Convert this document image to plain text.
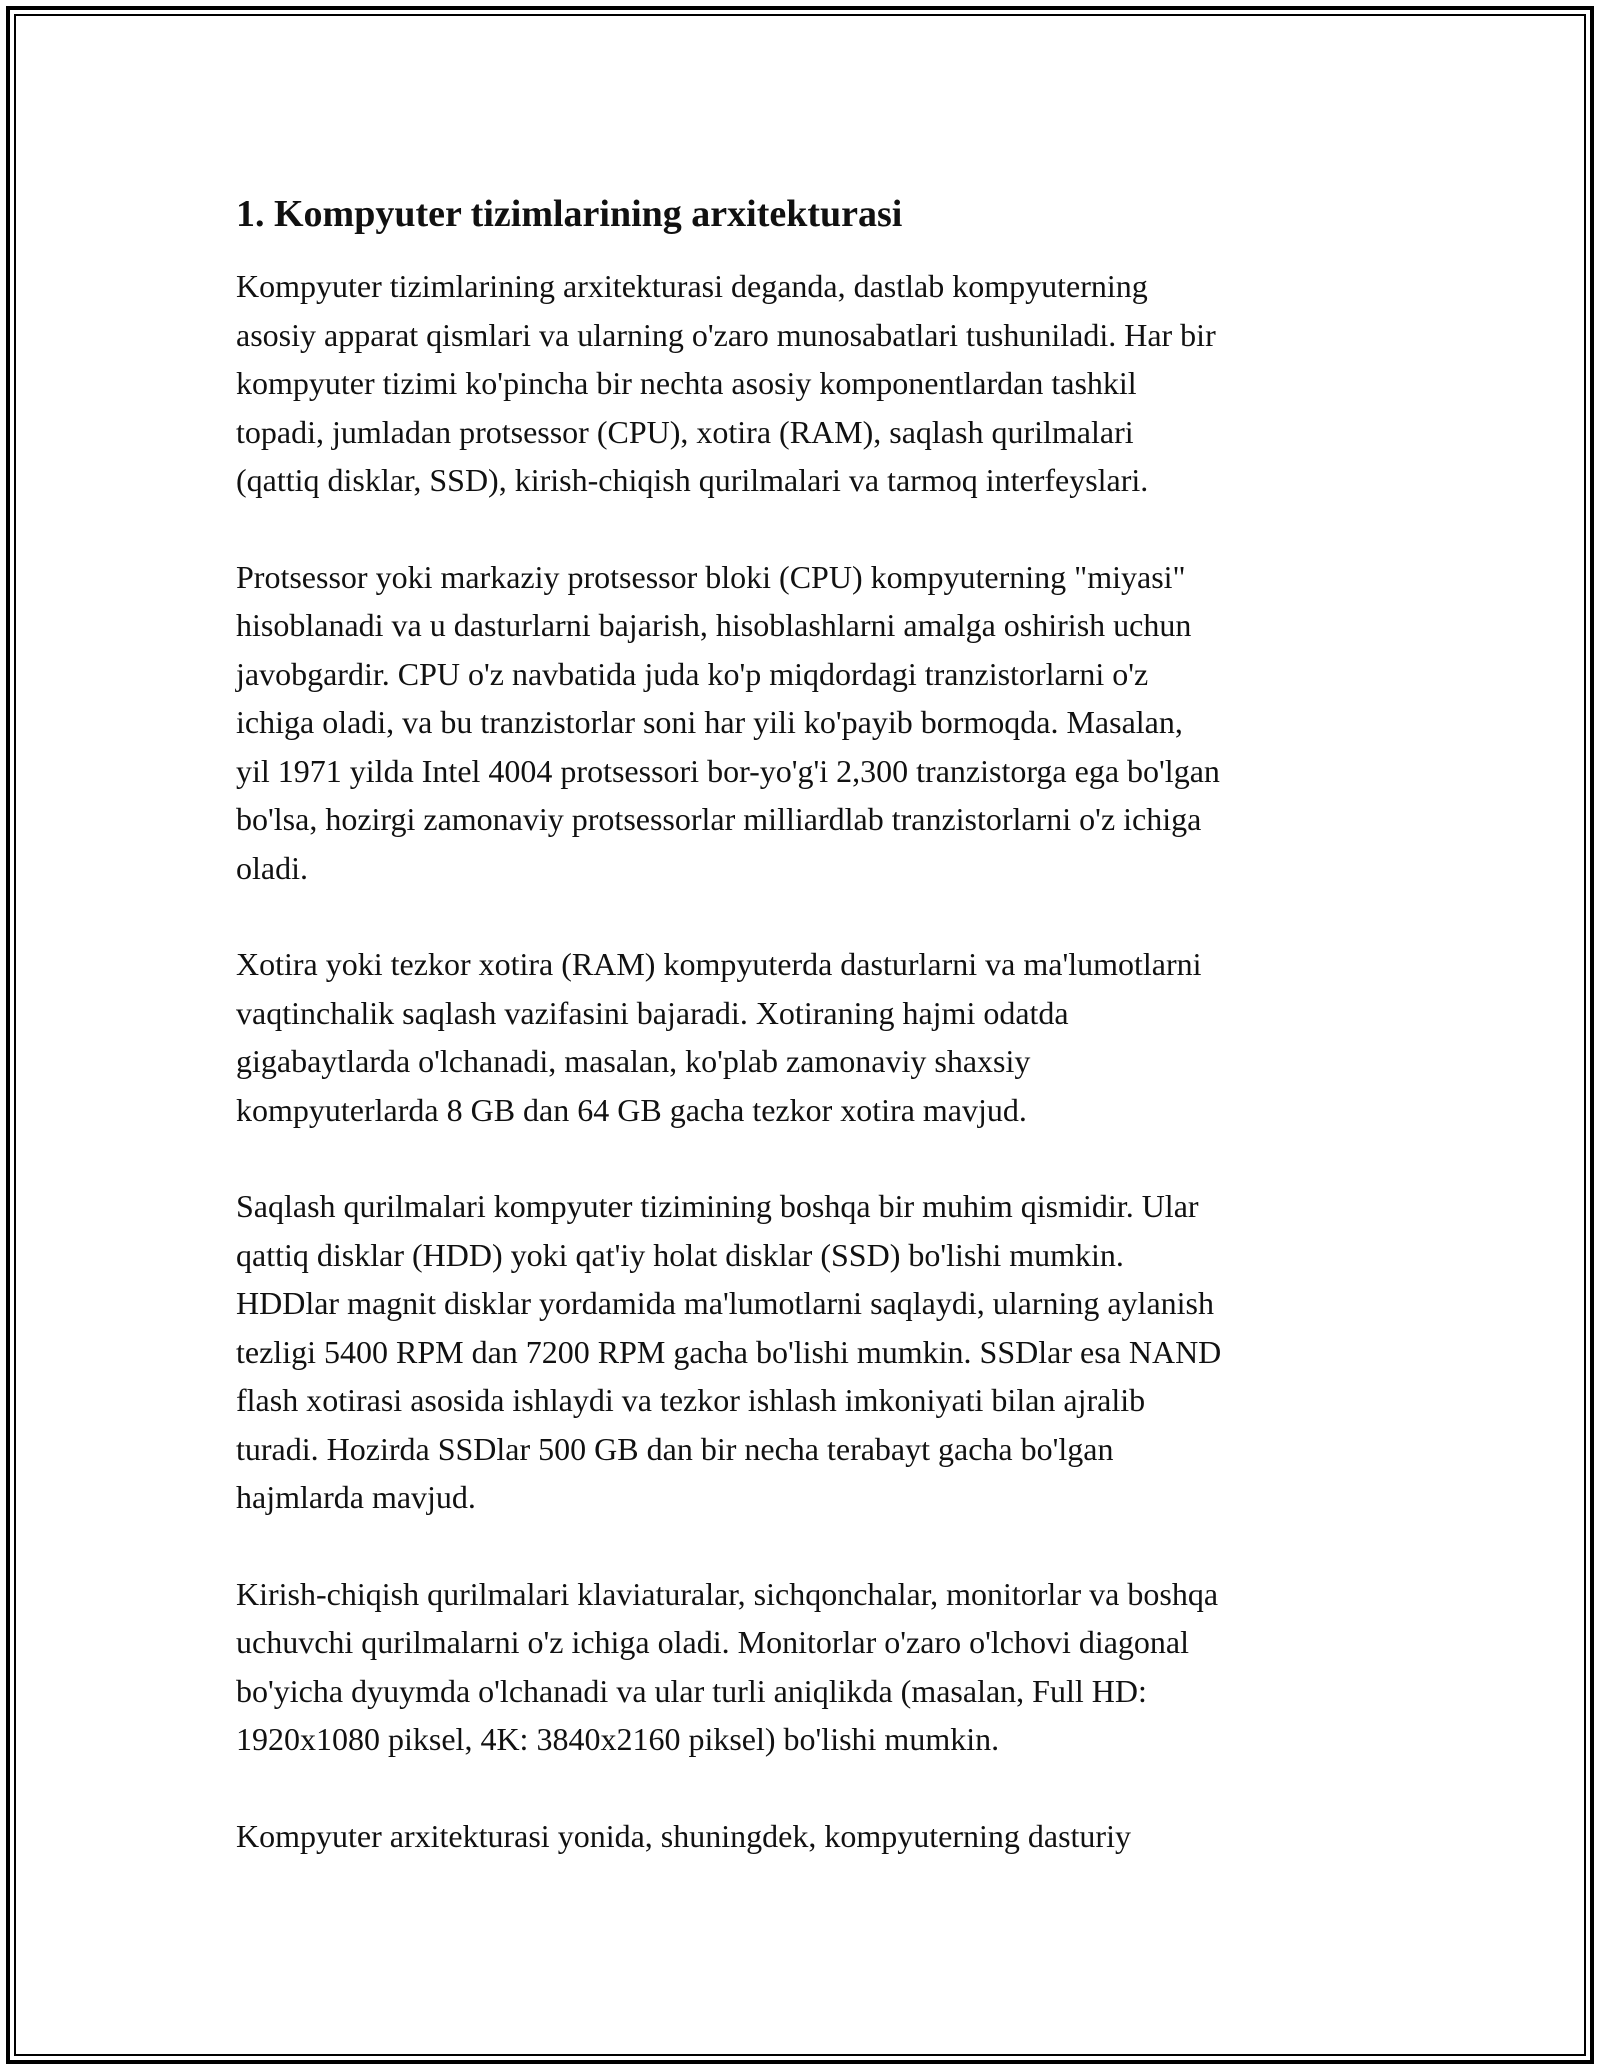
1. Kompyuter tizimlarining arxitekturasi

Kompyuter tizimlarining arxitekturasi deganda, dastlab kompyuterning
asosiy apparat qismlari va ularning o'zaro munosabatlari tushuniladi. Har bir
kompyuter tizimi ko'pincha bir nechta asosiy komponentlardan tashkil
topadi, jumladan protsessor (CPU), xotira (RAM), saqlash qurilmalari
(qattiq disklar, SSD), kirish-chiqish qurilmalari va tarmoq interfeyslari.

Protsessor yoki markaziy protsessor bloki (CPU) kompyuterning "miyasi"
hisoblanadi va u dasturlarni bajarish, hisoblashlarni amalga oshirish uchun
javobgardir. CPU o'z navbatida juda ko'p miqdordagi tranzistorlarni o'z
ichiga oladi, va bu tranzistorlar soni har yili ko'payib bormoqda. Masalan,
yil 1971 yilda Intel 4004 protsessori bor-yo'g'i 2,300 tranzistorga ega bo'lgan
bo'lsa, hozirgi zamonaviy protsessorlar milliardlab tranzistorlarni o'z ichiga
oladi.

Xotira yoki tezkor xotira (RAM) kompyuterda dasturlarni va ma'lumotlarni
vaqtinchalik saqlash vazifasini bajaradi. Xotiraning hajmi odatda
gigabaytlarda o'lchanadi, masalan, ko'plab zamonaviy shaxsiy
kompyuterlarda 8 GB dan 64 GB gacha tezkor xotira mavjud.

Saqlash qurilmalari kompyuter tizimining boshqa bir muhim qismidir. Ular
qattiq disklar (HDD) yoki qat'iy holat disklar (SSD) bo'lishi mumkin.
HDDlar magnit disklar yordamida ma'lumotlarni saqlaydi, ularning aylanish
tezligi 5400 RPM dan 7200 RPM gacha bo'lishi mumkin. SSDlar esa NAND
flash xotirasi asosida ishlaydi va tezkor ishlash imkoniyati bilan ajralib
turadi. Hozirda SSDlar 500 GB dan bir necha terabayt gacha bo'lgan
hajmlarda mavjud.

Kirish-chiqish qurilmalari klaviaturalar, sichqonchalar, monitorlar va boshqa
uchuvchi qurilmalarni o'z ichiga oladi. Monitorlar o'zaro o'lchovi diagonal
bo'yicha dyuymda o'lchanadi va ular turli aniqlikda (masalan, Full HD:
1920x1080 piksel, 4K: 3840x2160 piksel) bo'lishi mumkin.

Kompyuter arxitekturasi yonida, shuningdek, kompyuterning dasturiy
